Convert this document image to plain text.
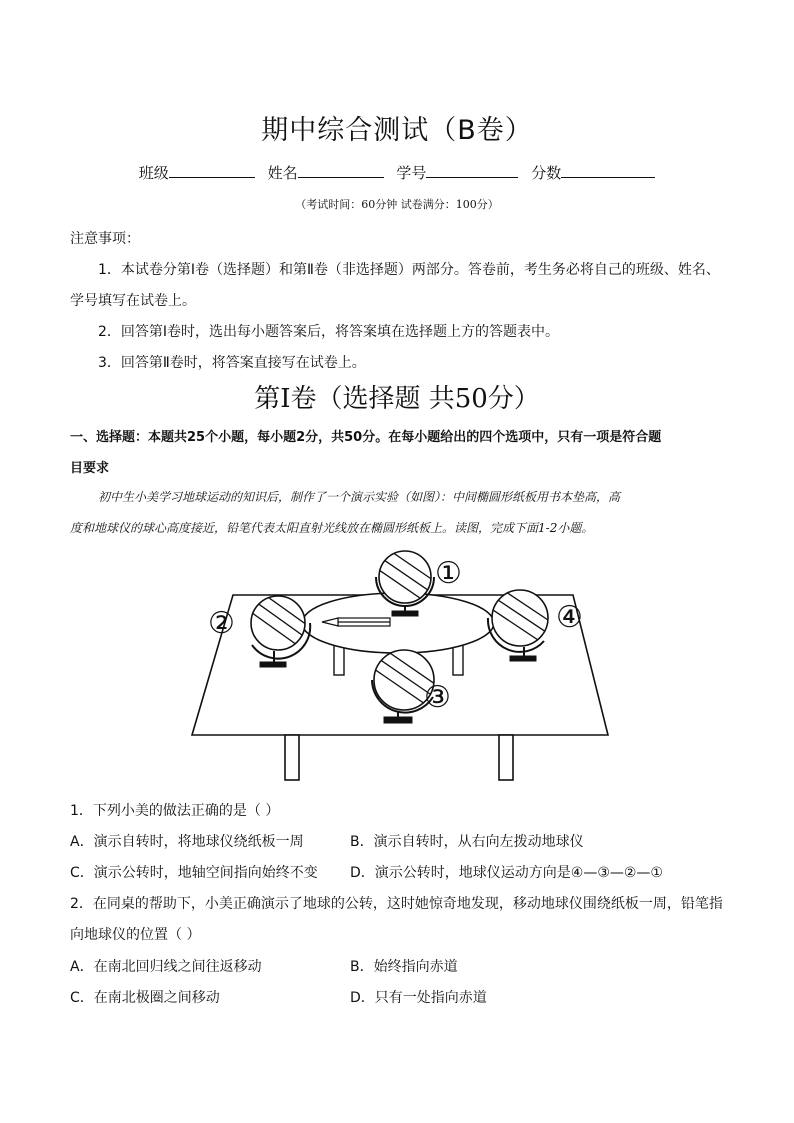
期中综合测试（B卷）
班级	姓名	学号	分数
（考试时间：60分钟 试卷满分：100分）
注意事项：
1．本试卷分第Ⅰ卷（选择题）和第Ⅱ卷（非选择题）两部分。答卷前，考生务必将自己的班级、姓名、
学号填写在试卷上。
2．回答第Ⅰ卷时，选出每小题答案后，将答案填在选择题上方的答题表中。
3．回答第Ⅱ卷时，将答案直接写在试卷上。
第Ⅰ卷（选择题 共50分）
一、选择题：本题共25个小题，每小题2分，共50分。在每小题给出的四个选项中，只有一项是符合题
目要求
初中生小美学习地球运动的知识后，制作了一个演示实验（如图）：中间椭圆形纸板用书本垫高，高
度和地球仪的球心高度接近，铅笔代表太阳直射光线放在椭圆形纸板上。读图，完成下面1-2小题。
①
②
③
④
1．下列小美的做法正确的是（ ）
A．演示自转时，将地球仪绕纸板一周	B．演示自转时，从右向左拨动地球仪
C．演示公转时，地轴空间指向始终不变 D．演示公转时，地球仪运动方向是④—③—②—①
2．在同桌的帮助下，小美正确演示了地球的公转，这时她惊奇地发现，移动地球仪围绕纸板一周，铅笔指
向地球仪的位置（ ）
A．在南北回归线之间往返移动	B．始终指向赤道
C．在南北极圈之间移动	D．只有一处指向赤道
